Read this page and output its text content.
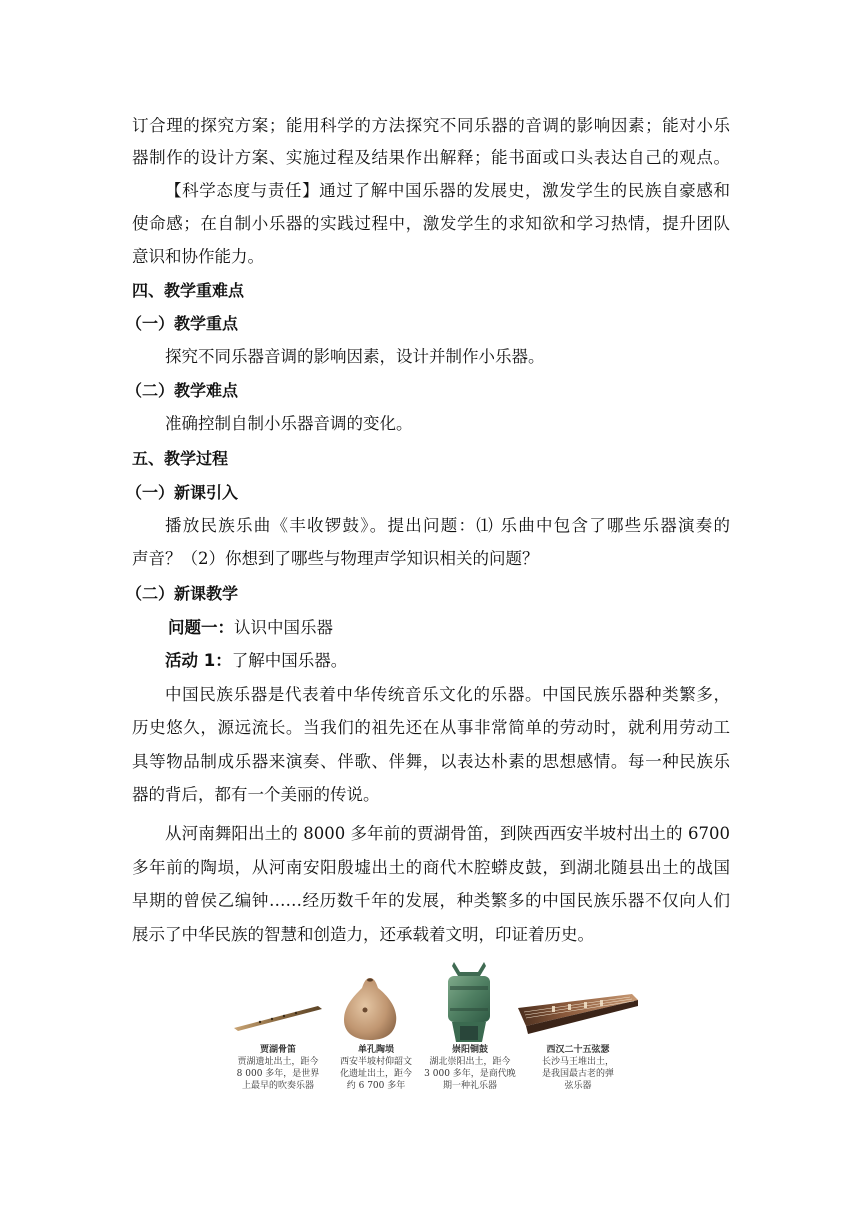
订合理的探究方案；能用科学的方法探究不同乐器的音调的影响因素；能对小乐
器制作的设计方案、实施过程及结果作出解释；能书面或口头表达自己的观点。
【科学态度与责任】通过了解中国乐器的发展史，激发学生的民族自豪感和
使命感；在自制小乐器的实践过程中，激发学生的求知欲和学习热情，提升团队
意识和协作能力。
四、教学重难点
（一）教学重点
探究不同乐器音调的影响因素，设计并制作小乐器。
（二）教学难点
准确控制自制小乐器音调的变化。
五、教学过程
（一）新课引入
播放民族乐曲《丰收锣鼓》。提出问题：⑴ 乐曲中包含了哪些乐器演奏的
声音？（2）你想到了哪些与物理声学知识相关的问题？
（二）新课教学
问题一：认识中国乐器
活动 1：了解中国乐器。
中国民族乐器是代表着中华传统音乐文化的乐器。中国民族乐器种类繁多，
历史悠久，源远流长。当我们的祖先还在从事非常简单的劳动时，就利用劳动工
具等物品制成乐器来演奏、伴歌、伴舞，以表达朴素的思想感情。每一种民族乐
器的背后，都有一个美丽的传说。
从河南舞阳出土的 8000 多年前的贾湖骨笛，到陕西西安半坡村出土的 6700
多年前的陶埙，从河南安阳殷墟出土的商代木腔蟒皮鼓，到湖北随县出土的战国
早期的曾侯乙编钟……经历数千年的发展，种类繁多的中国民族乐器不仅向人们
展示了中华民族的智慧和创造力，还承载着文明，印证着历史。
贾湖骨笛
贾湖遗址出土，距今
8 000 多年，是世界
上最早的吹奏乐器
单孔陶埙
西安半坡村仰韶文
化遗址出土，距今
约 6 700 多年
崇阳铜鼓
湖北崇阳出土，距今
3 000 多年，是商代晚
期一种礼乐器
西汉二十五弦瑟
长沙马王堆出土，
是我国最古老的弹
弦乐器
